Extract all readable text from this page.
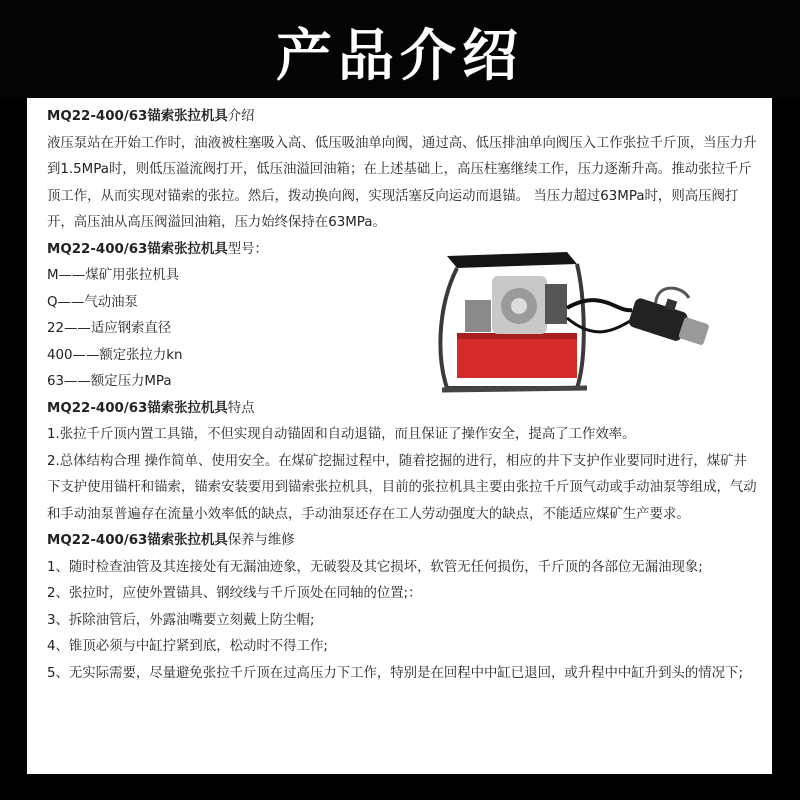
产品介绍

MQ22-400/63锚索张拉机具介绍

液压泵站在开始工作时，油液被柱塞吸入高、低压吸油单向阀，通过高、低压排油单向阀压入工作张拉千斤顶，当压力升到1.5MPa时，则低压溢流阀打开，低压油溢回油箱；在上述基础上，高压柱塞继续工作，压力逐渐升高。推动张拉千斤顶工作，从而实现对锚索的张拉。然后，拨动换向阀，实现活塞反向运动而退锚。 当压力超过63MPa时，则高压阀打开，高压油从高压阀溢回油箱，压力始终保持在63MPa。

MQ22-400/63锚索张拉机具型号：

M——煤矿用张拉机具

Q——气动油泵

22——适应钢索直径

400——额定张拉力kn

63——额定压力MPa

MQ22-400/63锚索张拉机具特点

1.张拉千斤顶内置工具锚，不但实现自动锚固和自动退锚，而且保证了操作安全，提高了工作效率。

2.总体结构合理 操作简单、使用安全。在煤矿挖掘过程中，随着挖掘的进行，相应的井下支护作业要同时进行，煤矿井下支护使用锚杆和锚索，锚索安装要用到锚索张拉机具，目前的张拉机具主要由张拉千斤顶气动或手动油泵等组成，气动和手动油泵普遍存在流量小效率低的缺点，手动油泵还存在工人劳动强度大的缺点，不能适应煤矿生产要求。

MQ22-400/63锚索张拉机具保养与维修

1、随时检查油管及其连接处有无漏油迹象，无破裂及其它损坏，软管无任何损伤，千斤顶的各部位无漏油现象;

2、张拉时，应使外置锚具、钢绞线与千斤顶处在同轴的位置;：

3、拆除油管后，外露油嘴要立刻戴上防尘帽;

4、锥顶必须与中缸拧紧到底，松动时不得工作;

5、无实际需要，尽量避免张拉千斤顶在过高压力下工作，特别是在回程中中缸已退回，或升程中中缸升到头的情况下;
